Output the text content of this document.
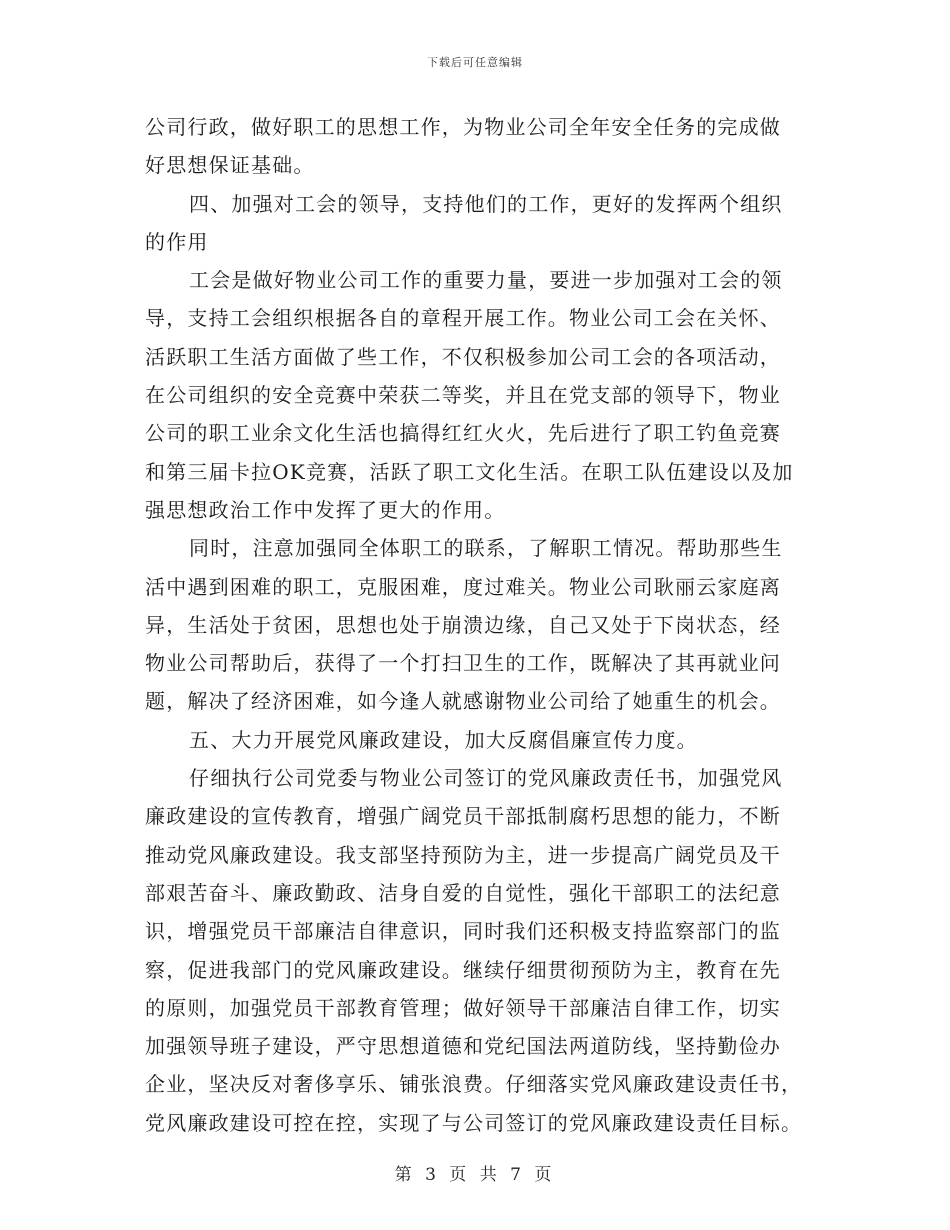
下载后可任意编辑
公司行政，做好职工的思想工作，为物业公司全年安全任务的完成做
好思想保证基础。
四、加强对工会的领导，支持他们的工作，更好的发挥两个组织
的作用
工会是做好物业公司工作的重要力量，要进一步加强对工会的领
导，支持工会组织根据各自的章程开展工作。物业公司工会在关怀、
活跃职工生活方面做了些工作，不仅积极参加公司工会的各项活动，
在公司组织的安全竞赛中荣获二等奖，并且在党支部的领导下，物业
公司的职工业余文化生活也搞得红红火火，先后进行了职工钓鱼竞赛
和第三届卡拉OK竞赛，活跃了职工文化生活。在职工队伍建设以及加
强思想政治工作中发挥了更大的作用。
同时，注意加强同全体职工的联系，了解职工情况。帮助那些生
活中遇到困难的职工，克服困难，度过难关。物业公司耿丽云家庭离
异，生活处于贫困，思想也处于崩溃边缘，自己又处于下岗状态，经
物业公司帮助后，获得了一个打扫卫生的工作，既解决了其再就业问
题，解决了经济困难，如今逢人就感谢物业公司给了她重生的机会。
五、大力开展党风廉政建设，加大反腐倡廉宣传力度。
仔细执行公司党委与物业公司签订的党风廉政责任书，加强党风
廉政建设的宣传教育，增强广阔党员干部抵制腐朽思想的能力，不断
推动党风廉政建设。我支部坚持预防为主，进一步提高广阔党员及干
部艰苦奋斗、廉政勤政、洁身自爱的自觉性，强化干部职工的法纪意
识，增强党员干部廉洁自律意识，同时我们还积极支持监察部门的监
察，促进我部门的党风廉政建设。继续仔细贯彻预防为主，教育在先
的原则，加强党员干部教育管理；做好领导干部廉洁自律工作，切实
加强领导班子建设，严守思想道德和党纪国法两道防线，坚持勤俭办
企业，坚决反对奢侈享乐、铺张浪费。仔细落实党风廉政建设责任书，
党风廉政建设可控在控，实现了与公司签订的党风廉政建设责任目标。
第 3 页 共 7 页
